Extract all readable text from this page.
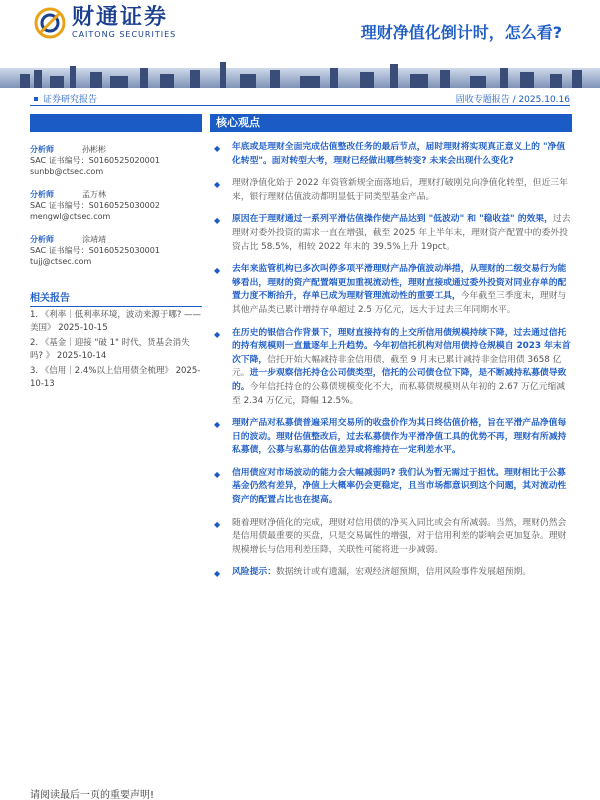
财通证券
CAITONG SECURITIES	理财净值化倒计时，怎么看?
证券研究报告	固收专题报告 / 2025.10.16
分析师	孙彬彬
SAC 证书编号：S0160525020001
sunbb@ctsec.com
分析师	孟万林
SAC 证书编号：S0160525030002
mengwl@ctsec.com
分析师	涂靖靖
SAC 证书编号：S0160525030001
tujj@ctsec.com
相关报告
1. 《利率｜低利率环境，波动来源于哪? ——美国》 2025-10-15
2. 《基金｜迎接 "破 1" 时代，货基会消失吗? 》 2025-10-14
3. 《信用｜2.4%以上信用债全梳理》 2025-10-13
核心观点
◆ 年底或是理财全面完成估值整改任务的最后节点，届时理财将实现真正意义上的 "净值化转型"。面对转型大考，理财已经做出哪些转变? 未来会出现什么变化?
◆ 理财净值化始于 2022 年资管新规全面落地后，理财打破刚兑向净值化转型，但近三年来，银行理财估值波动都明显低于同类型基金产品。
◆ 原因在于理财通过一系列平滑估值操作使产品达到 "低波动" 和 "稳收益" 的效果，过去理财对委外投资的需求一直在增强，截至 2025 年上半年末，理财资产配置中的委外投资占比 58.5%，相较 2022 年末的 39.5%上升 19pct。
◆ 去年来监管机构已多次叫停多项平滑理财产品净值波动举措，从理财的二级交易行为能够看出，理财的资产配置端更加重视流动性，理财直接或通过委外投资对同业存单的配置力度不断抬升，存单已成为理财管理流动性的重要工具，今年截至三季度末，理财与其他产品类已累计增持存单超过 2.5 万亿元，远大于过去三年同期水平。
◆ 在历史的银信合作背景下，理财直接持有的上交所信用债规模持续下降，过去通过信托的持有规模则一直量逐年上升趋势。今年初信托机构对信用债持仓规模自 2023 年末首次下降，信托开始大幅减持非金信用债，截至 9 月末已累计减持非金信用债 3658 亿元。进一步观察信托持仓公司债类型，信托的公司债仓位下降，是不断减持私募债导致的。今年信托持仓的公募债规模变化不大，而私募债规模则从年初的 2.67 万亿元缩减至 2.34 万亿元，降幅 12.5%。
◆ 理财产品对私募债普遍采用交易所的收盘价作为其日终估值价格，旨在平滑产品净值每日的波动。理财估值整改后，过去私募债作为平滑净值工具的优势不再，理财有所减持私募债，公募与私募的估值差异或将维持在一定利差水平。
◆ 信用债应对市场波动的能力会大幅减弱吗? 我们认为暂无需过于担忧。理财相比于公募基金仍然有差异，净值上大概率仍会更稳定，且当市场都意识到这个问题，其对流动性资产的配置占比也在提高。
◆ 随着理财净值化的完成，理财对信用债的净买入同比或会有所减弱。当然，理财仍然会是信用债最重要的买盘，只是交易属性的增强，对于信用利差的影响会更加复杂。理财规模增长与信用利差压降，关联性可能将进一步减弱。
◆ 风险提示：数据统计或有遗漏，宏观经济超预期，信用风险事件发展超预期。
请阅读最后一页的重要声明!
